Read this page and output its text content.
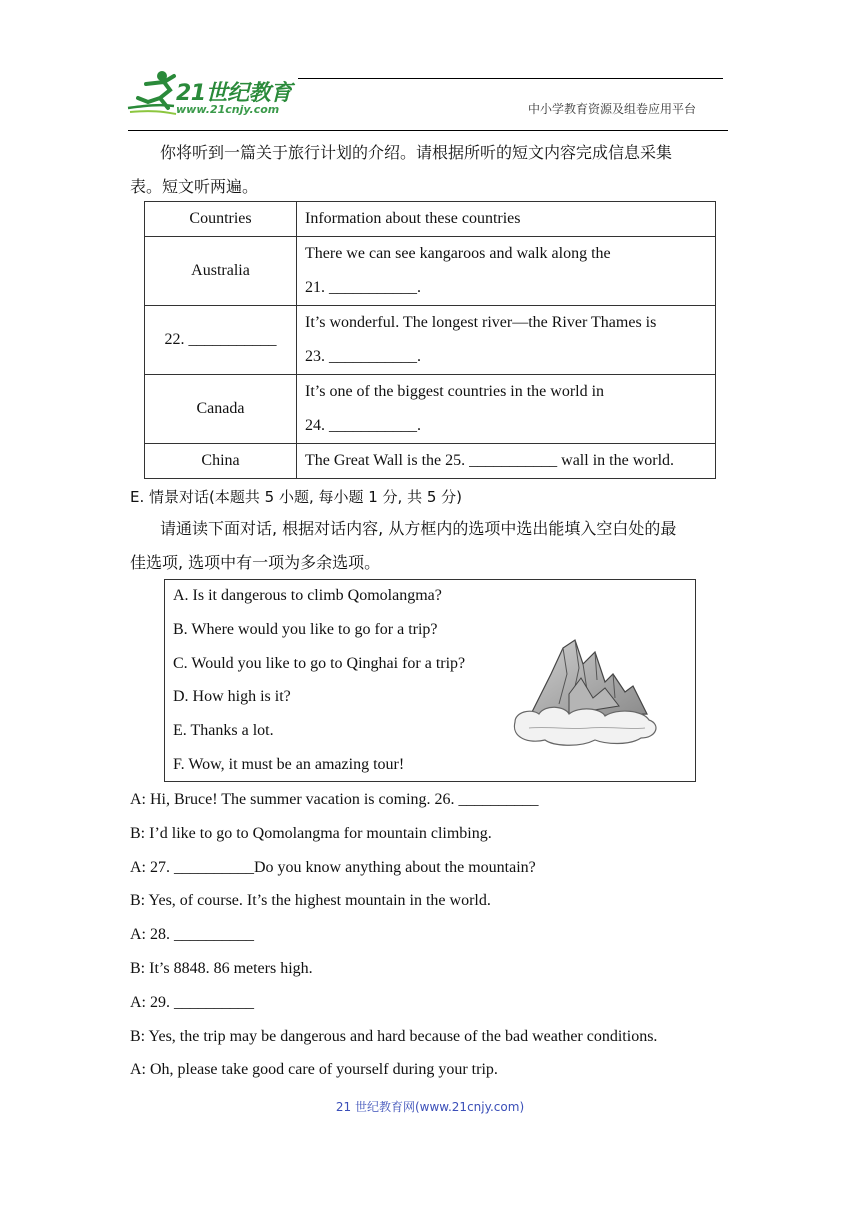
21世纪教育
www.21cnjy.com	中小学教育资源及组卷应用平台
你将听到一篇关于旅行计划的介绍。请根据所听的短文内容完成信息采集
表。短文听两遍。
Countries	Information about these countries
Australia	There we can see kangaroos and walk along the
21. ___________.

22. ___________	It’s wonderful. The longest river—the River Thames is
23. ___________.

Canada	It’s one of the biggest countries in the world in
24. ___________.

China	The Great Wall is the 25. ___________ wall in the world.
E. 情景对话(本题共 5 小题, 每小题 1 分, 共 5 分)
请通读下面对话, 根据对话内容, 从方框内的选项中选出能填入空白处的最
佳选项, 选项中有一项为多余选项。
A. Is it dangerous to climb Qomolangma?
B. Where would you like to go for a trip?
C. Would you like to go to Qinghai for a trip?
D. How high is it?
E. Thanks a lot.
F. Wow, it must be an amazing tour!
A: Hi, Bruce! The summer vacation is coming. 26. __________
B: I’d like to go to Qomolangma for mountain climbing.
A: 27. __________Do you know anything about the mountain?
B: Yes, of course. It’s the highest mountain in the world.
A: 28. __________
B: It’s 8848. 86 meters high.
A: 29. __________
B: Yes, the trip may be dangerous and hard because of the bad weather conditions.
A: Oh, please take good care of yourself during your trip.
21 世纪教育网(www.21cnjy.com)
